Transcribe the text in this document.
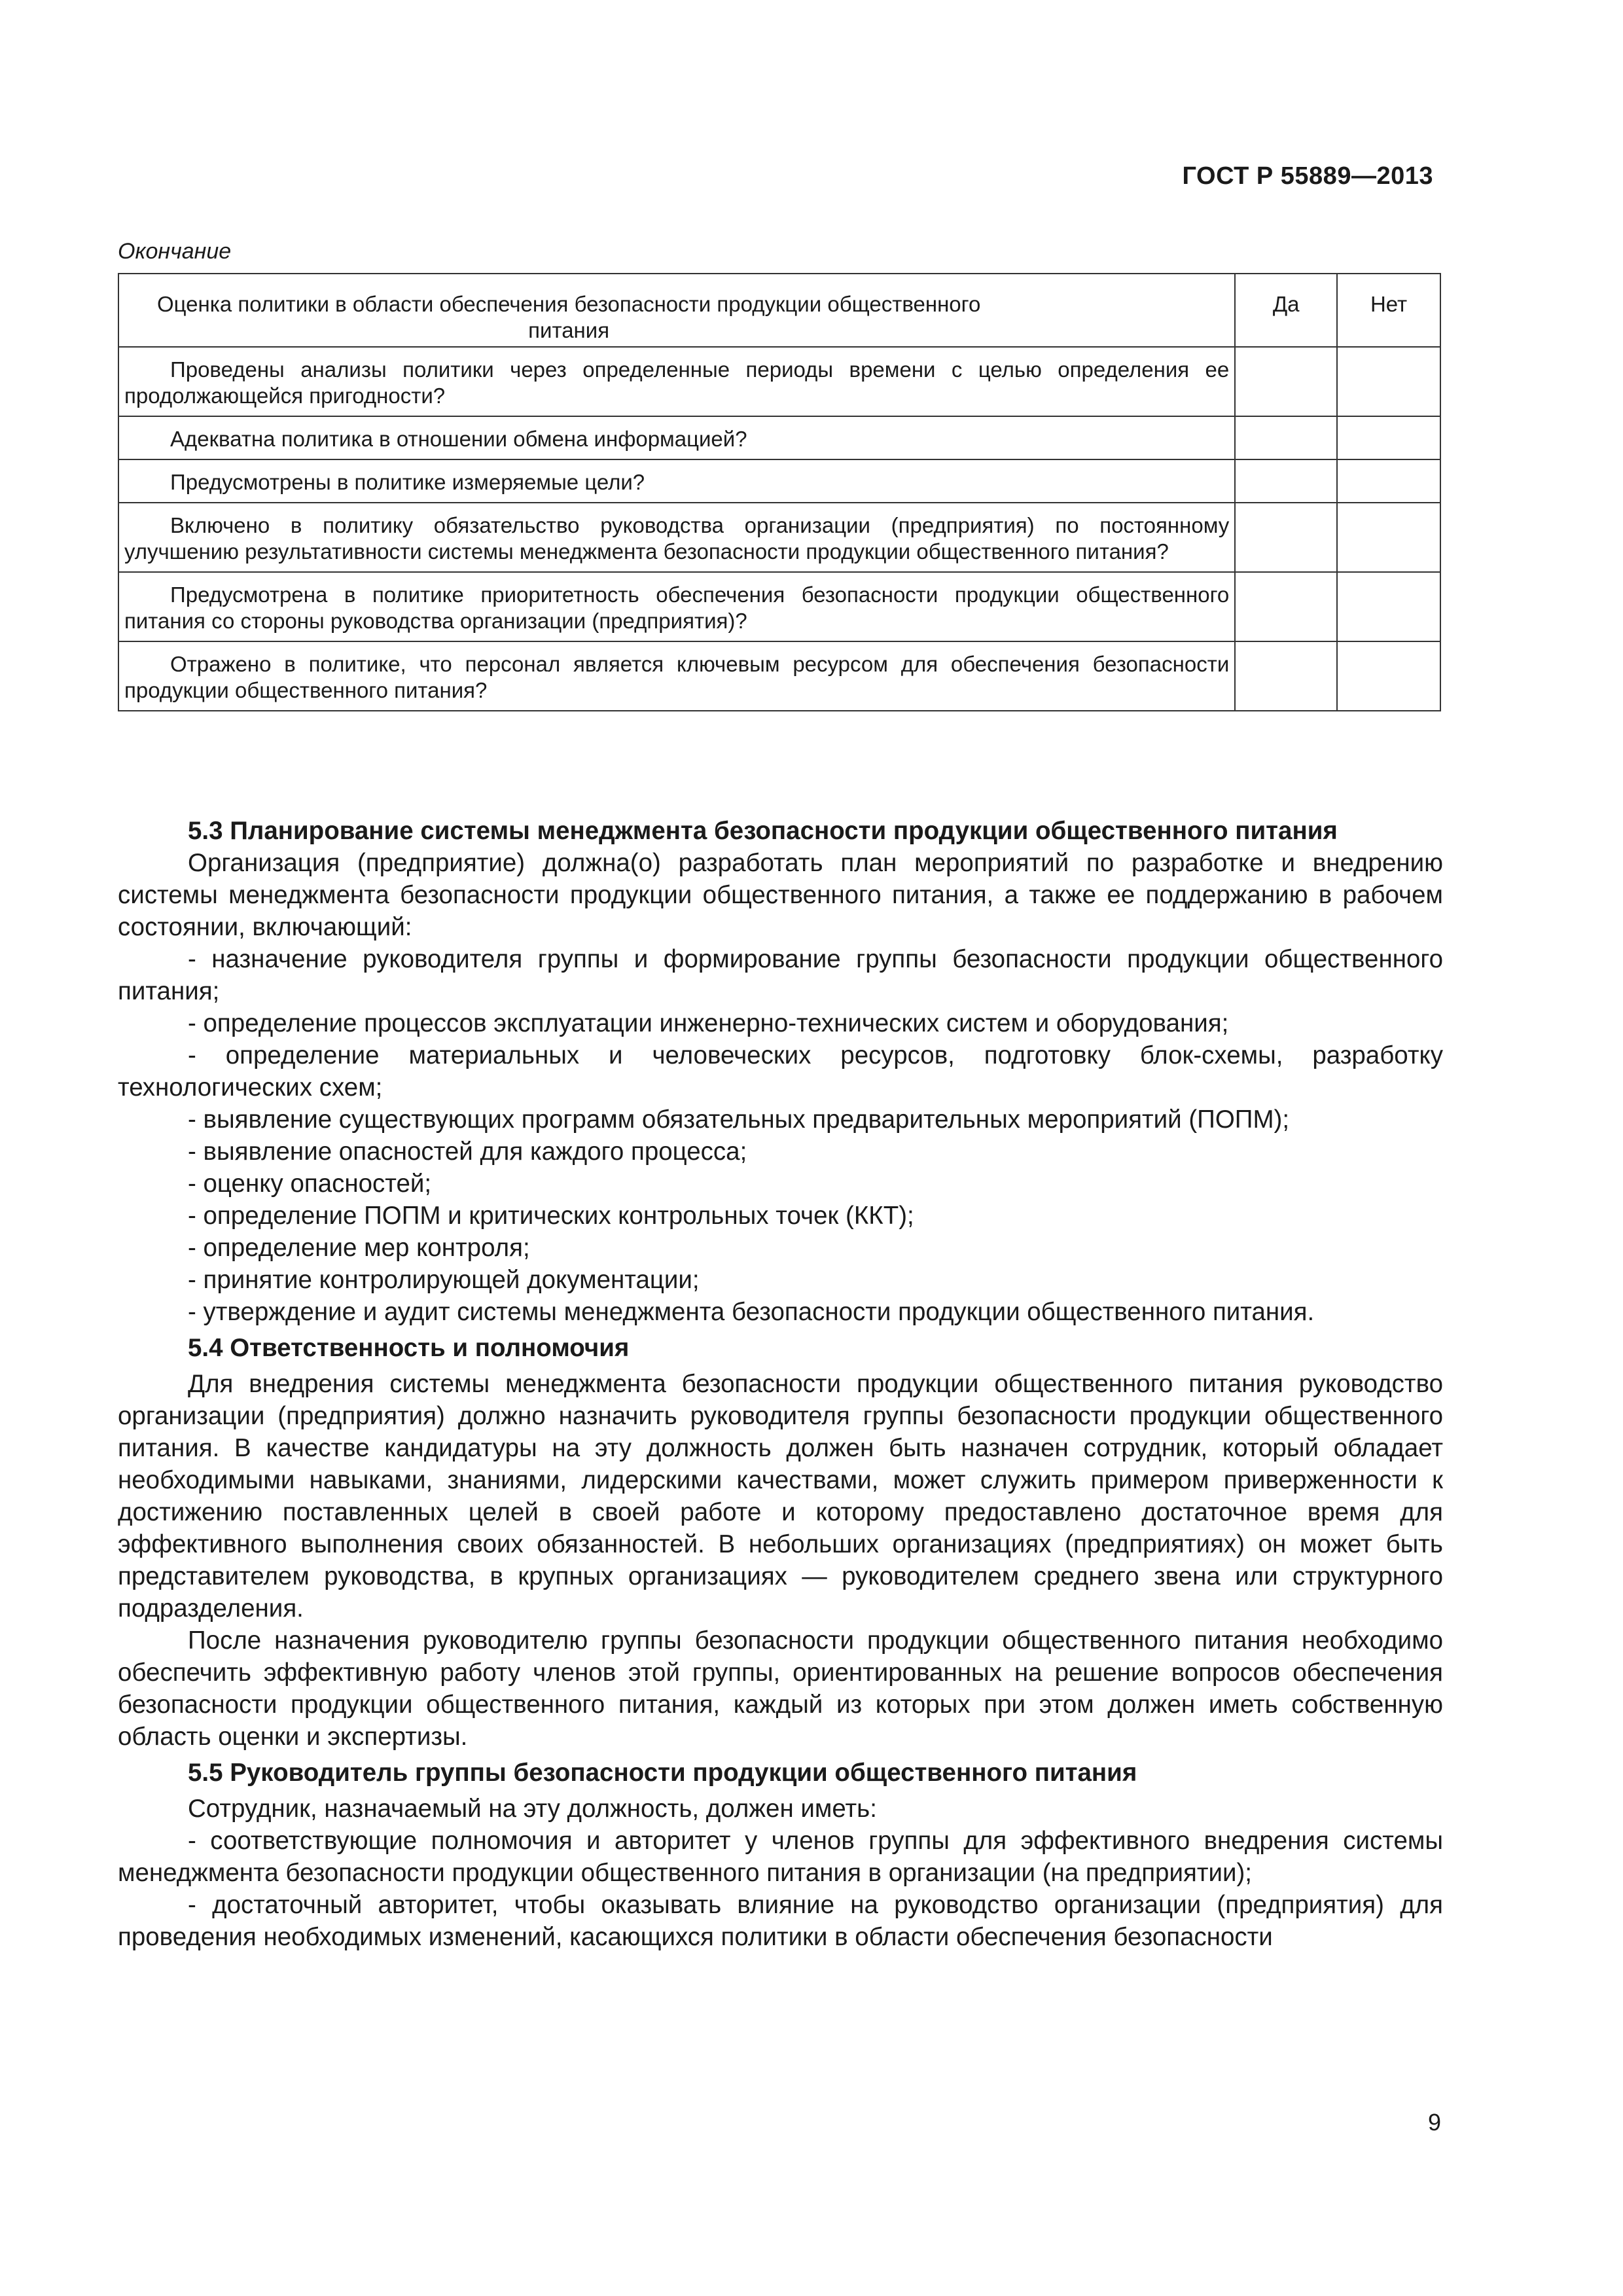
ГОСТ Р 55889—2013
Окончание
Оценка политики в области обеспечения безопасности продукции общественного питания	Да	Нет
Проведены анализы политики через определенные периоды времени с целью определения ее продолжающейся пригодности?		
Адекватна политика в отношении обмена информацией?		
Предусмотрены в политике измеряемые цели?		
Включено в политику обязательство руководства организации (предприятия) по постоянному улучшению результативности системы менеджмента безопасности продукции общественного питания?		
Предусмотрена в политике приоритетность обеспечения безопасности продукции общественного питания со стороны руководства организации (предприятия)?		
Отражено в политике, что персонал является ключевым ресурсом для обеспечения безопасности продукции общественного питания?		
5.3 Планирование системы менеджмента безопасности продукции общественного питания

Организация (предприятие) должна(о) разработать план мероприятий по разработке и внедрению системы менеджмента безопасности продукции общественного питания, а также ее поддержанию в рабочем состоянии, включающий:

- назначение руководителя группы и формирование группы безопасности продукции общественного питания;

- определение процессов эксплуатации инженерно-технических систем и оборудования;

- определение материальных и человеческих ресурсов, подготовку блок-схемы, разработку технологических схем;

- выявление существующих программ обязательных предварительных мероприятий (ПОПМ);

- выявление опасностей для каждого процесса;

- оценку опасностей;

- определение ПОПМ и критических контрольных точек (ККТ);

- определение мер контроля;

- принятие контролирующей документации;

- утверждение и аудит системы менеджмента безопасности продукции общественного питания.

5.4 Ответственность и полномочия

Для внедрения системы менеджмента безопасности продукции общественного питания руководство организации (предприятия) должно назначить руководителя группы безопасности продукции общественного питания. В качестве кандидатуры на эту должность должен быть назначен сотрудник, который обладает необходимыми навыками, знаниями, лидерскими качествами, может служить примером приверженности к достижению поставленных целей в своей работе и которому предоставлено достаточное время для эффективного выполнения своих обязанностей. В небольших организациях (предприятиях) он может быть представителем руководства, в крупных организациях — руководителем среднего звена или структурного подразделения.

После назначения руководителю группы безопасности продукции общественного питания необходимо обеспечить эффективную работу членов этой группы, ориентированных на решение вопросов обеспечения безопасности продукции общественного питания, каждый из которых при этом должен иметь собственную область оценки и экспертизы.

5.5 Руководитель группы безопасности продукции общественного питания

Сотрудник, назначаемый на эту должность, должен иметь:

- соответствующие полномочия и авторитет у членов группы для эффективного внедрения системы менеджмента безопасности продукции общественного питания в организации (на предприятии);

- достаточный авторитет, чтобы оказывать влияние на руководство организации (предприятия) для проведения необходимых изменений, касающихся политики в области обеспечения безопасности

9
